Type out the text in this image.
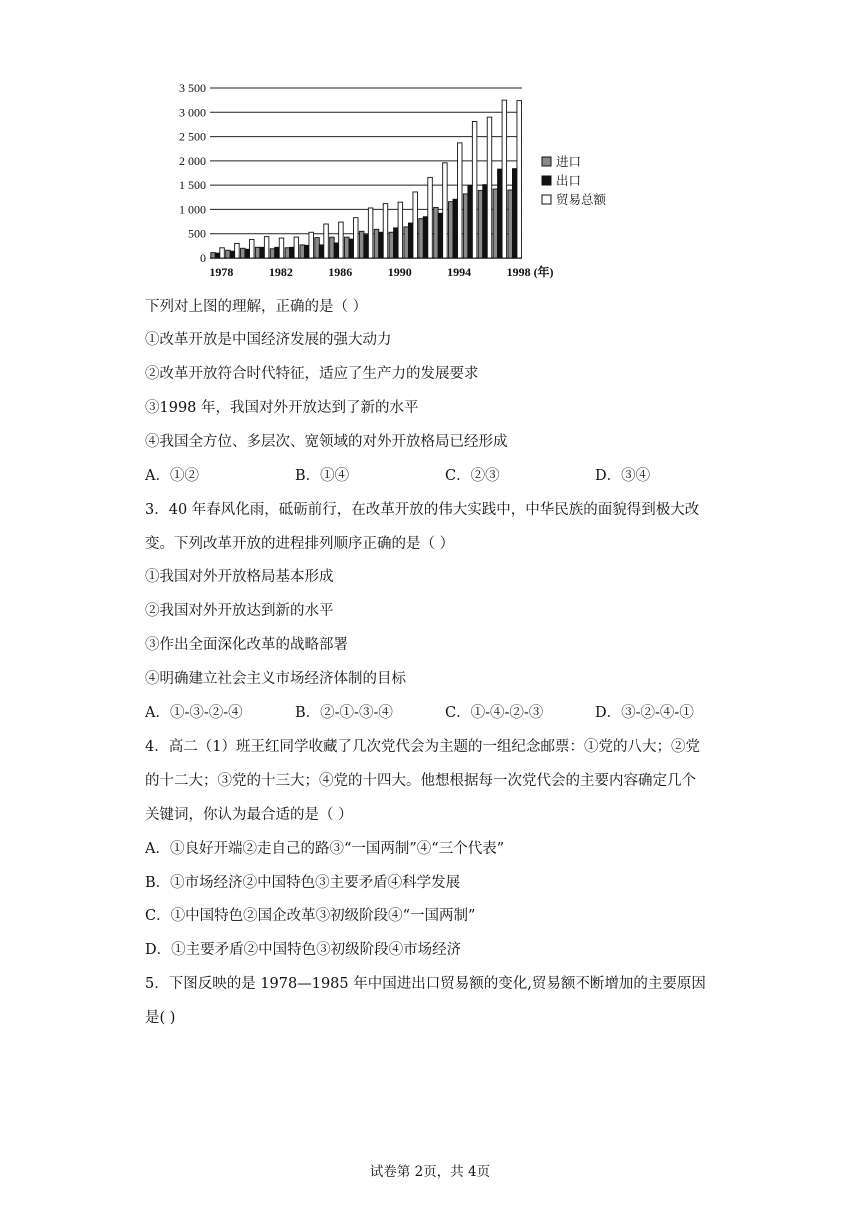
0
500
1 000
1 500
2 000
2 500
3 000
3 500
1978	1982	1986	1990	1994	1998 (年)
进口
出口
贸易总额
下列对上图的理解，正确的是（ ）
①改革开放是中国经济发展的强大动力
②改革开放符合时代特征，适应了生产力的发展要求
③1998 年，我国对外开放达到了新的水平
④我国全方位、多层次、宽领域的对外开放格局已经形成
A．①②	B．①④	C．②③	D．③④
3．40 年春风化雨，砥砺前行，在改革开放的伟大实践中，中华民族的面貌得到极大改
变。下列改革开放的进程排列顺序正确的是（ ）
①我国对外开放格局基本形成
②我国对外开放达到新的水平
③作出全面深化改革的战略部署
④明确建立社会主义市场经济体制的目标
A．①-③-②-④	B．②-①-③-④	C．①-④-②-③	D．③-②-④-①
4．高二（1）班王红同学收藏了几次党代会为主题的一组纪念邮票：①党的八大；②党
的十二大；③党的十三大；④党的十四大。他想根据每一次党代会的主要内容确定几个
关键词，你认为最合适的是（ ）
A．①良好开端②走自己的路③“一国两制”④“三个代表”
B．①市场经济②中国特色③主要矛盾④科学发展
C．①中国特色②国企改革③初级阶段④“一国两制”
D．①主要矛盾②中国特色③初级阶段④市场经济
5．下图反映的是 1978—1985 年中国进出口贸易额的变化,贸易额不断增加的主要原因
是( )
试卷第 2页，共 4页
